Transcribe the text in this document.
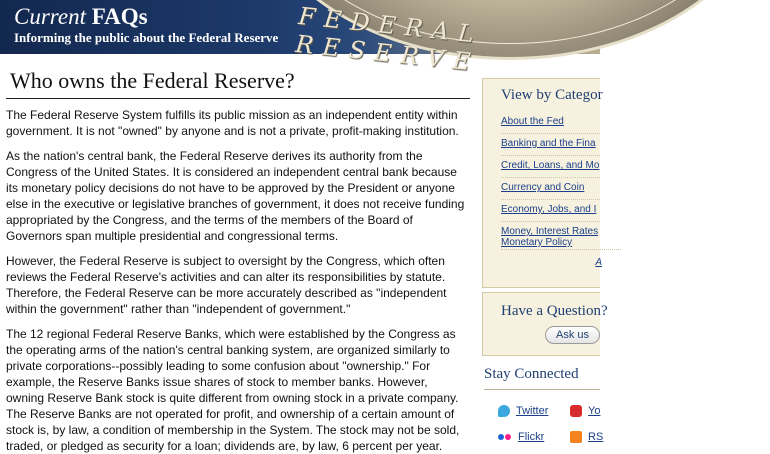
FEDERAL RESERVE
Current FAQs
Informing the public about the Federal Reserve
Who owns the Federal Reserve?

The Federal Reserve System fulfills its public mission as an independent entity within government. It is not "owned" by anyone and is not a private, profit-making institution.

As the nation's central bank, the Federal Reserve derives its authority from the Congress of the United States. It is considered an independent central bank because its monetary policy decisions do not have to be approved by the President or anyone else in the executive or legislative branches of government, it does not receive funding appropriated by the Congress, and the terms of the members of the Board of Governors span multiple presidential and congressional terms.

However, the Federal Reserve is subject to oversight by the Congress, which often reviews the Federal Reserve's activities and can alter its responsibilities by statute. Therefore, the Federal Reserve can be more accurately described as "independent within the government" rather than "independent of government."

The 12 regional Federal Reserve Banks, which were established by the Congress as the operating arms of the nation's central banking system, are organized similarly to private corporations--possibly leading to some confusion about "ownership." For example, the Reserve Banks issue shares of stock to member banks. However, owning Reserve Bank stock is quite different from owning stock in a private company. The Reserve Banks are not operated for profit, and ownership of a certain amount of stock is, by law, a condition of membership in the System. The stock may not be sold, traded, or pledged as security for a loan; dividends are, by law, 6 percent per year.

View by Categor
About the Fed
Banking and the Fina
Credit, Loans, and Mo
Currency and Coin
Economy, Jobs, and I
Money, Interest Rates Monetary Policy
A
Have a Question?
Ask us
Stay Connected
Twitter	Yo
Flickr	RS
